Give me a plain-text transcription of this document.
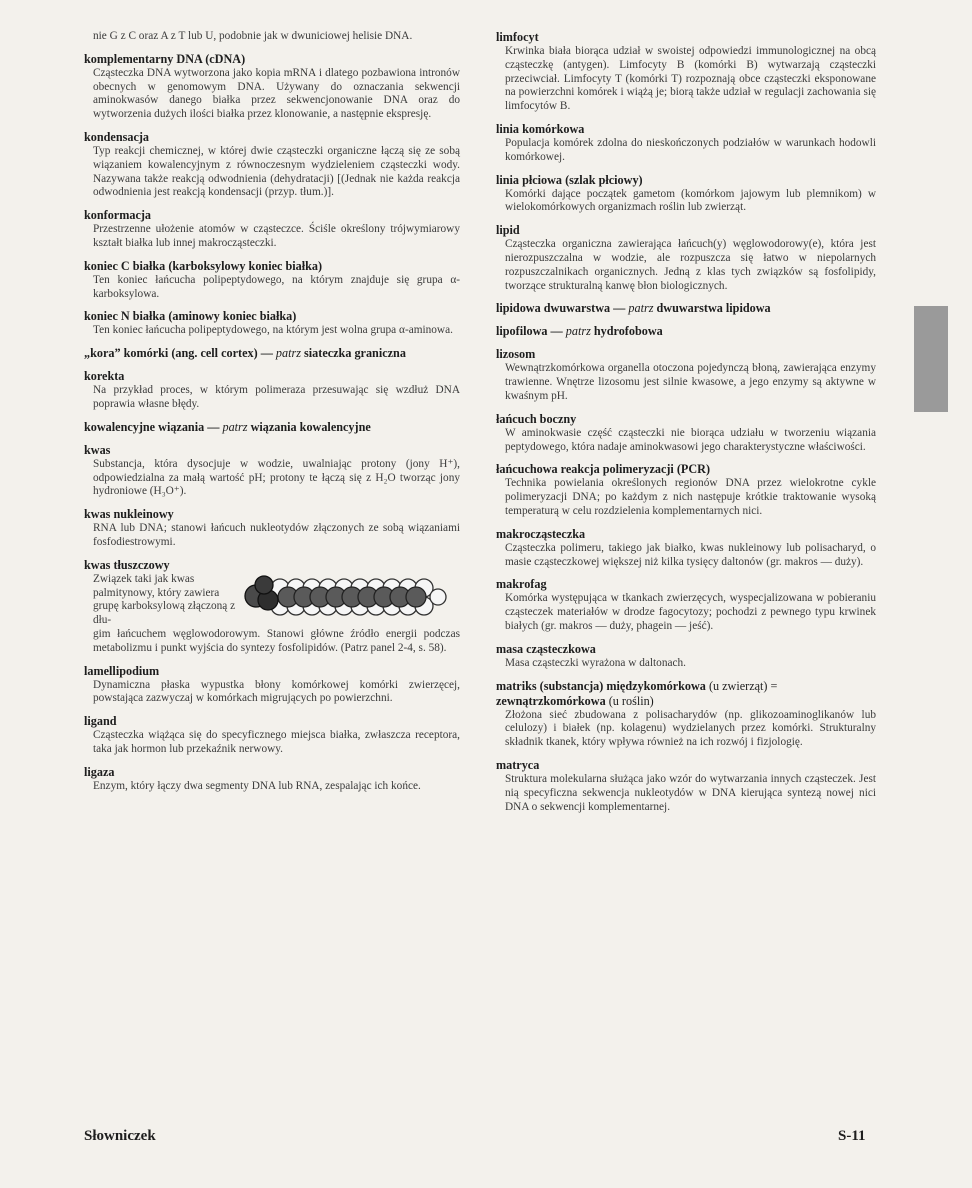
nie G z C oraz A z T lub U, podobnie jak w dwuniciowej helisie DNA.
komplementarny DNA (cDNA)
Cząsteczka DNA wytworzona jako kopia mRNA i dlatego pozbawiona intronów obecnych w genomowym DNA. Używany do oznaczania sekwencji aminokwasów danego białka przez sekwencjonowanie DNA oraz do wytworzenia dużych ilości białka przez klonowanie, a następnie ekspresję.
kondensacja
Typ reakcji chemicznej, w której dwie cząsteczki organiczne łączą się ze sobą wiązaniem kowalencyjnym z równoczesnym wydzieleniem cząsteczki wody. Nazywana także reakcją odwodnienia (dehydratacji) [(Jednak nie każda reakcja odwodnienia jest reakcją kondensacji (przyp. tłum.)].
konformacja
Przestrzenne ułożenie atomów w cząsteczce. Ściśle określony trójwymiarowy kształt białka lub innej makrocząsteczki.
koniec C białka (karboksylowy koniec białka)
Ten koniec łańcucha polipeptydowego, na którym znajduje się grupa α-karboksylowa.
koniec N białka (aminowy koniec białka)
Ten koniec łańcucha polipeptydowego, na którym jest wolna grupa α-aminowa.
„kora” komórki (ang. cell cortex) — patrz siateczka graniczna
korekta
Na przykład proces, w którym polimeraza przesuwając się wzdłuż DNA poprawia własne błędy.
kowalencyjne wiązania — patrz wiązania kowalencyjne
kwas
Substancja, która dysocjuje w wodzie, uwalniając protony (jony H⁺), odpowiedzialna za małą wartość pH; protony te łączą się z H₂O tworząc jony hydroniowe (H₃O⁺).
kwas nukleinowy
RNA lub DNA; stanowi łańcuch nukleotydów złączonych ze sobą wiązaniami fosfodiestrowymi.
kwas tłuszczowy
Związek taki jak kwas palmitynowy, który zawiera grupę karboksylową złączoną z dłu-
gim łańcuchem węglowodorowym. Stanowi główne źródło energii podczas metabolizmu i punkt wyjścia do syntezy fosfolipidów. (Patrz panel 2-4, s. 58).
lamellipodium
Dynamiczna płaska wypustka błony komórkowej komórki zwierzęcej, powstająca zazwyczaj w komórkach migrujących po powierzchni.
ligand
Cząsteczka wiążąca się do specyficznego miejsca białka, zwłaszcza receptora, taka jak hormon lub przekaźnik nerwowy.
ligaza
Enzym, który łączy dwa segmenty DNA lub RNA, zespalając ich końce.
limfocyt
Krwinka biała biorąca udział w swoistej odpowiedzi immunologicznej na obcą cząsteczkę (antygen). Limfocyty B (komórki B) wytwarzają cząsteczki przeciwciał. Limfocyty T (komórki T) rozpoznają obce cząsteczki eksponowane na powierzchni komórek i wiążą je; biorą także udział w regulacji zachowania się limfocytów B.
linia komórkowa
Populacja komórek zdolna do nieskończonych podziałów w warunkach hodowli komórkowej.
linia płciowa (szlak płciowy)
Komórki dające początek gametom (komórkom jajowym lub plemnikom) w wielokomórkowych organizmach roślin lub zwierząt.
lipid
Cząsteczka organiczna zawierająca łańcuch(y) węglowodorowy(e), która jest nierozpuszczalna w wodzie, ale rozpuszcza się łatwo w niepolarnych rozpuszczalnikach organicznych. Jedną z klas tych związków są fosfolipidy, tworzące strukturalną kanwę błon biologicznych.
lipidowa dwuwarstwa — patrz dwuwarstwa lipidowa
lipofilowa — patrz hydrofobowa
lizosom
Wewnątrzkomórkowa organella otoczona pojedynczą błoną, zawierająca enzymy trawienne. Wnętrze lizosomu jest silnie kwasowe, a jego enzymy są aktywne w kwaśnym pH.
łańcuch boczny
W aminokwasie część cząsteczki nie biorąca udziału w tworzeniu wiązania peptydowego, która nadaje aminokwasowi jego charakterystyczne właściwości.
łańcuchowa reakcja polimeryzacji (PCR)
Technika powielania określonych regionów DNA przez wielokrotne cykle polimeryzacji DNA; po każdym z nich następuje krótkie traktowanie wysoką temperaturą w celu rozdzielenia komplementarnych nici.
makrocząsteczka
Cząsteczka polimeru, takiego jak białko, kwas nukleinowy lub polisacharyd, o masie cząsteczkowej większej niż kilka tysięcy daltonów (gr. makros — duży).
makrofag
Komórka występująca w tkankach zwierzęcych, wyspecjalizowana w pobieraniu cząsteczek materiałów w drodze fagocytozy; pochodzi z pewnego typu krwinek białych (gr. makros — duży, phagein — jeść).
masa cząsteczkowa
Masa cząsteczki wyrażona w daltonach.
matriks (substancja) międzykomórkowa (u zwierząt) =
zewnątrzkomórkowa (u roślin)
Złożona sieć zbudowana z polisacharydów (np. glikozoaminoglikanów lub celulozy) i białek (np. kolagenu) wydzielanych przez komórki. Strukturalny składnik tkanek, który wpływa również na ich rozwój i fizjologię.
matryca
Struktura molekularna służąca jako wzór do wytwarzania innych cząsteczek. Jest nią specyficzna sekwencja nukleotydów w DNA kierująca syntezą nowej nici DNA o sekwencji komplementarnej.
Słowniczek	S-11
